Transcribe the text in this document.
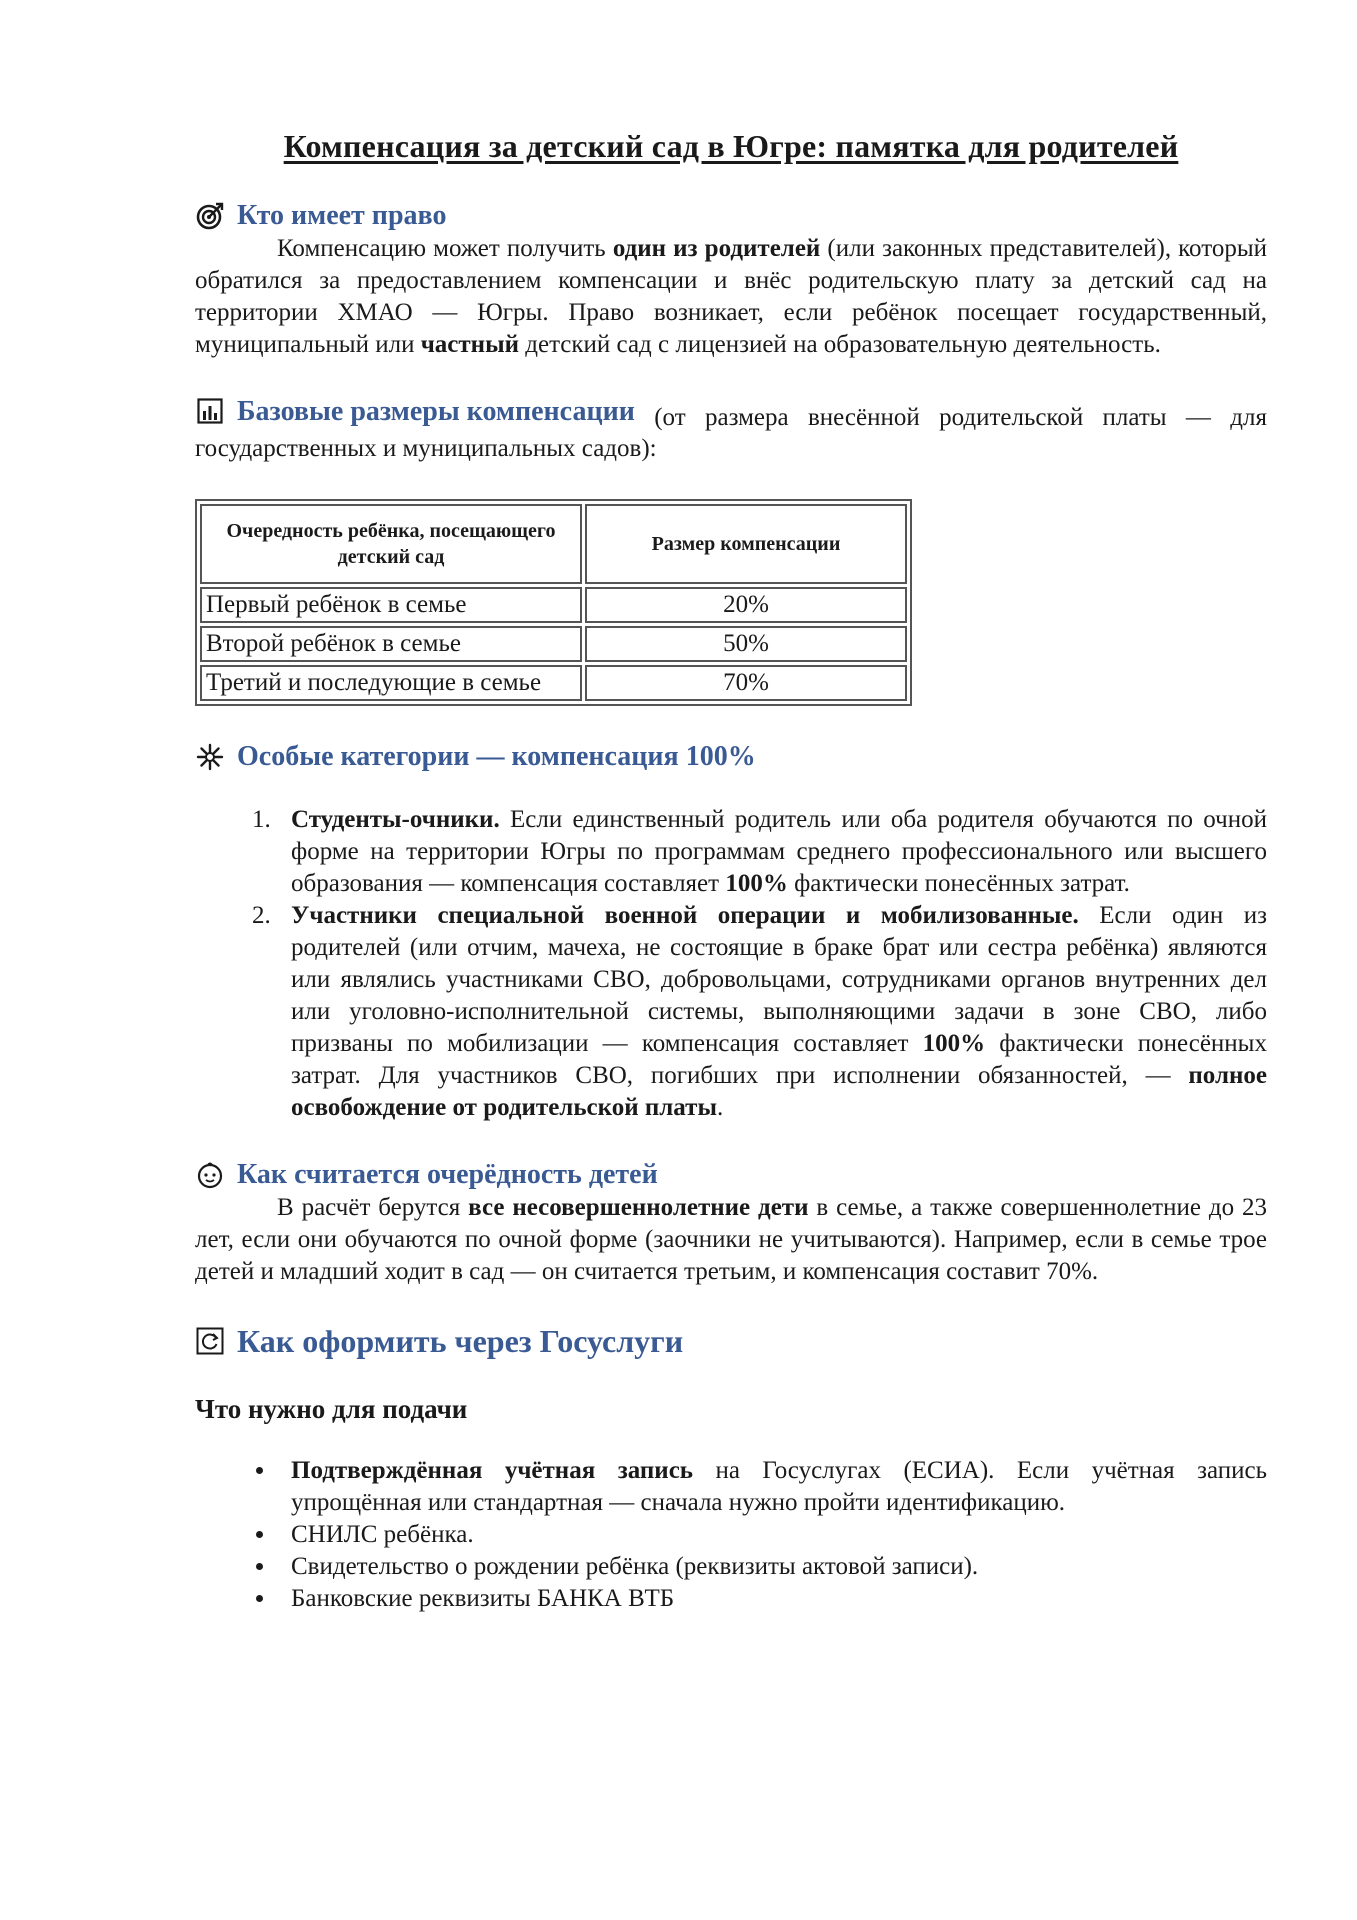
Компенсация за детский сад в Югре: памятка для родителей
Кто имеет право

Компенсацию может получить один из родителей (или законных представителей), который обратился за предоставлением компенсации и внёс родительскую плату за детский сад на территории ХМАО — Югры. Право возникает, если ребёнок посещает государственный, муниципальный или частный детский сад с лицензией на образовательную деятельность.

Базовые размеры компенсации (от размера внесённой родительской платы — для государственных и муниципальных садов):
Очередность ребёнка, посещающего детский сад	Размер компенсации
Первый ребёнок в семье	20%
Второй ребёнок в семье	50%
Третий и последующие в семье	70%
Особые категории — компенсация 100%
1. Студенты-очники. Если единственный родитель или оба родителя обучаются по очной форме на территории Югры по программам среднего профессионального или высшего образования — компенсация составляет 100% фактически понесённых затрат.
2. Участники специальной военной операции и мобилизованные. Если один из родителей (или отчим, мачеха, не состоящие в браке брат или сестра ребёнка) являются или являлись участниками СВО, добровольцами, сотрудниками органов внутренних дел или уголовно-исполнительной системы, выполняющими задачи в зоне СВО, либо призваны по мобилизации — компенсация составляет 100% фактически понесённых затрат. Для участников СВО, погибших при исполнении обязанностей, — полное освобождение от родительской платы.
Как считается очерёдность детей

В расчёт берутся все несовершеннолетние дети в семье, а также совершеннолетние до 23 лет, если они обучаются по очной форме (заочники не учитываются). Например, если в семье трое детей и младший ходит в сад — он считается третьим, и компенсация составит 70%.

Как оформить через Госуслуги
Что нужно для подачи
• Подтверждённая учётная запись на Госуслугах (ЕСИА). Если учётная запись упрощённая или стандартная — сначала нужно пройти идентификацию.
• СНИЛС ребёнка.
• Свидетельство о рождении ребёнка (реквизиты актовой записи).
• Банковские реквизиты БАНКА ВТБ
